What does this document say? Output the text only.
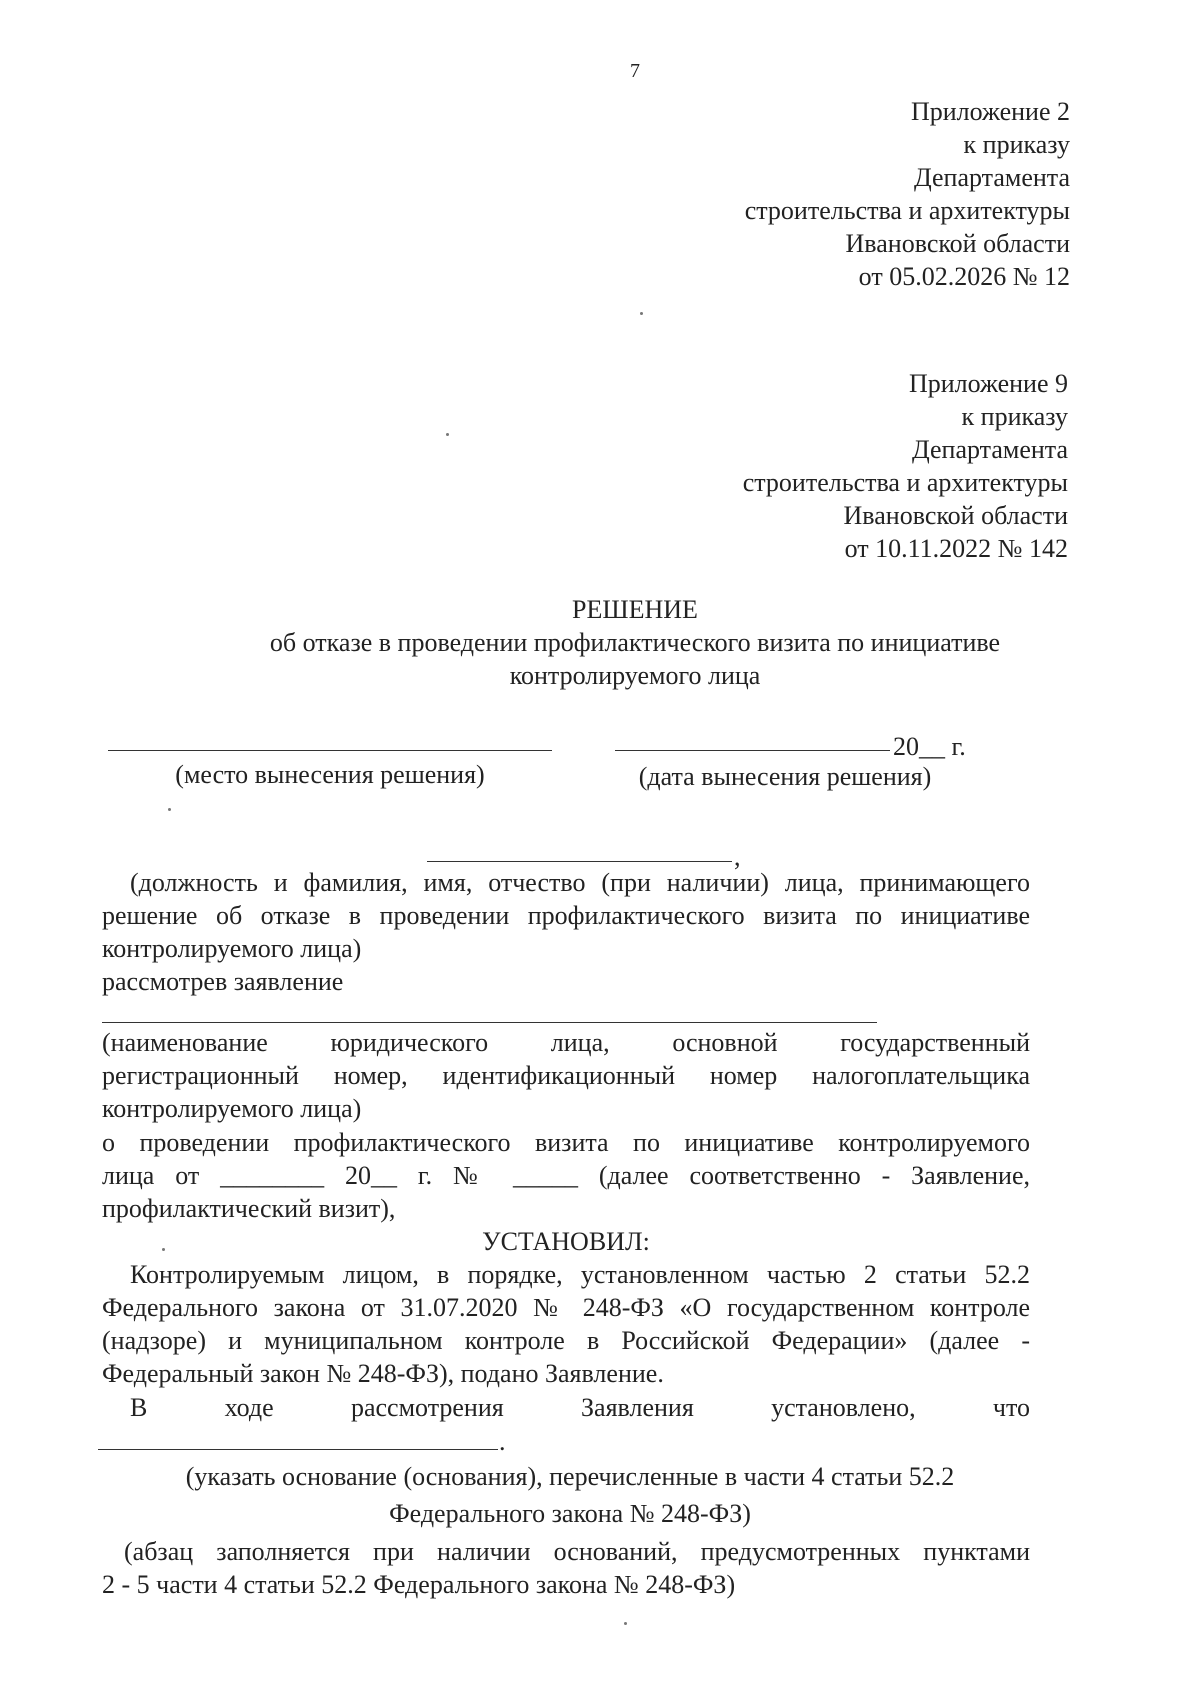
7
Приложение 2
к приказу
Департамента
строительства и архитектуры
Ивановской области
от 05.02.2026 № 12
Приложение 9
к приказу
Департамента
строительства и архитектуры
Ивановской области
от 10.11.2022 № 142
РЕШЕНИЕ
об отказе в проведении профилактического визита по инициативе
контролируемого лица
20__ г.
(место вынесения решения)	(дата вынесения решения)
,
(должность и фамилия, имя, отчество (при наличии) лица, принимающего
решение об отказе в проведении профилактического визита по инициативе
контролируемого лица)
рассмотрев заявление
(наименование юридического лица, основной государственный
регистрационный номер, идентификационный номер налогоплательщика
контролируемого лица)
о проведении профилактического визита по инициативе контролируемого
лица от ________ 20__ г. № _____ (далее соответственно - Заявление,
профилактический визит),
УСТАНОВИЛ:
Контролируемым лицом, в порядке, установленном частью 2 статьи 52.2
Федерального закона от 31.07.2020 № 248-ФЗ «О государственном контроле
(надзоре) и муниципальном контроле в Российской Федерации» (далее -
Федеральный закон № 248-ФЗ), подано Заявление.
В	ходе	рассмотрения	Заявления	установлено,	что
.
(указать основание (основания), перечисленные в части 4 статьи 52.2
Федерального закона № 248-ФЗ)
(абзац заполняется при наличии оснований, предусмотренных пунктами
2 - 5 части 4 статьи 52.2 Федерального закона № 248-ФЗ)
